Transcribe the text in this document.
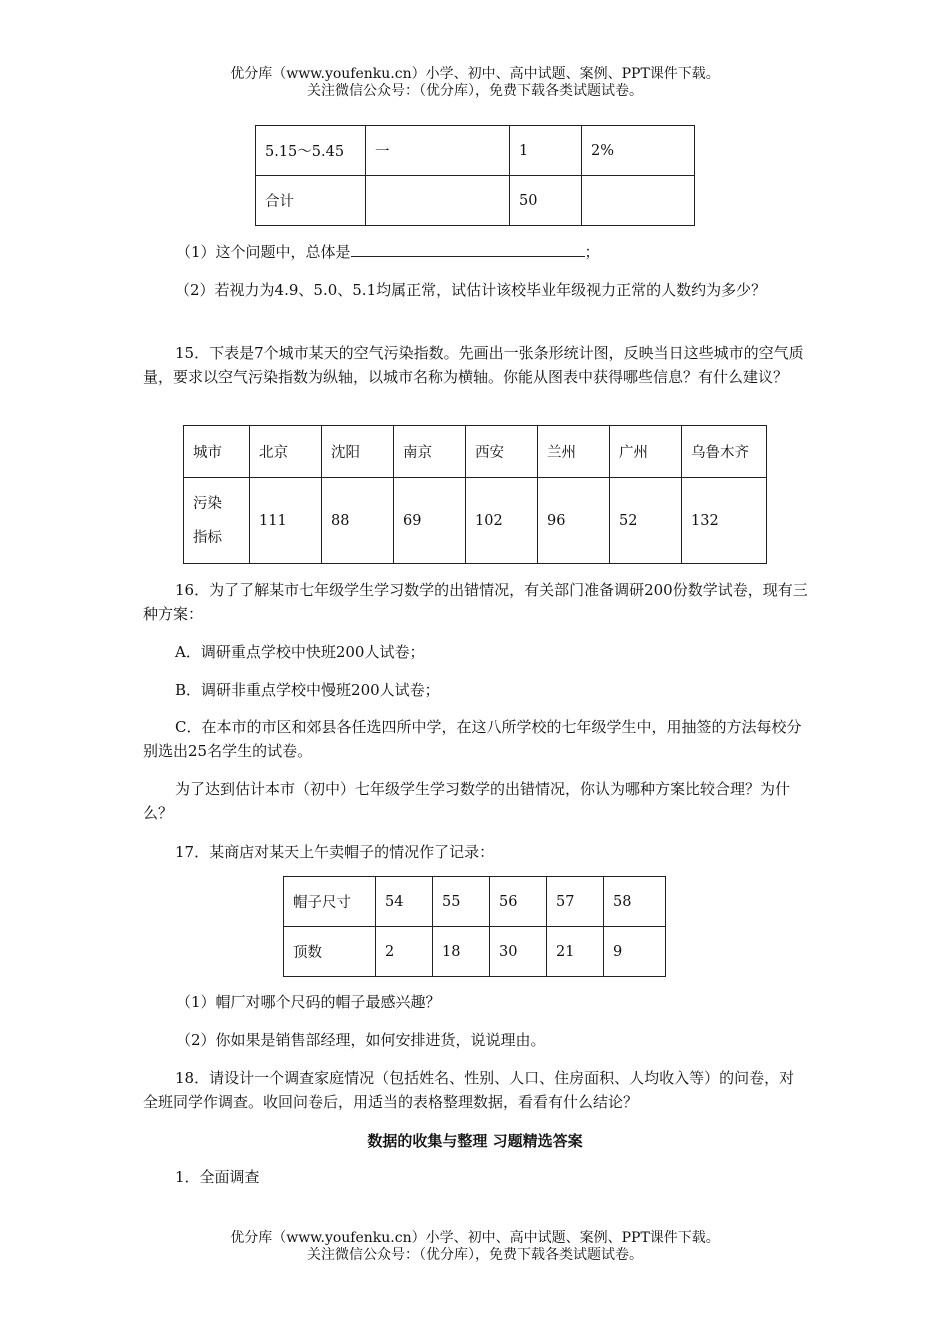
优分库（www.youfenku.cn）小学、初中、高中试题、案例、PPT课件下载。
关注微信公众号：（优分库），免费下载各类试题试卷。
5.15～5.45	一	1	2%
合计		50	
（1）这个问题中，总体是	；
（2）若视力为4.9、5.0、5.1均属正常，试估计该校毕业年级视力正常的人数约为多少？
15．下表是7个城市某天的空气污染指数。先画出一张条形统计图，反映当日这些城市的空气质量，要求以空气污染指数为纵轴，以城市名称为横轴。你能从图表中获得哪些信息？有什么建议？
城市	北京	沈阳	南京	西安	兰州	广州	乌鲁木齐

污染
指标	111	88	69	102	96	52	132
16．为了了解某市七年级学生学习数学的出错情况，有关部门准备调研200份数学试卷，现有三种方案：
A．调研重点学校中快班200人试卷；
B．调研非重点学校中慢班200人试卷；
C．在本市的市区和郊县各任选四所中学，在这八所学校的七年级学生中，用抽签的方法每校分别选出25名学生的试卷。
为了达到估计本市（初中）七年级学生学习数学的出错情况，你认为哪种方案比较合理？为什么？
17．某商店对某天上午卖帽子的情况作了记录：
帽子尺寸	54	55	56	57	58
顶数	2	18	30	21	9
（1）帽厂对哪个尺码的帽子最感兴趣？
（2）你如果是销售部经理，如何安排进货，说说理由。
18．请设计一个调查家庭情况（包括姓名、性别、人口、住房面积、人均收入等）的问卷，对全班同学作调查。收回问卷后，用适当的表格整理数据，看看有什么结论？
数据的收集与整理 习题精选答案
1．全面调查
优分库（www.youfenku.cn）小学、初中、高中试题、案例、PPT课件下载。
关注微信公众号：（优分库），免费下载各类试题试卷。
